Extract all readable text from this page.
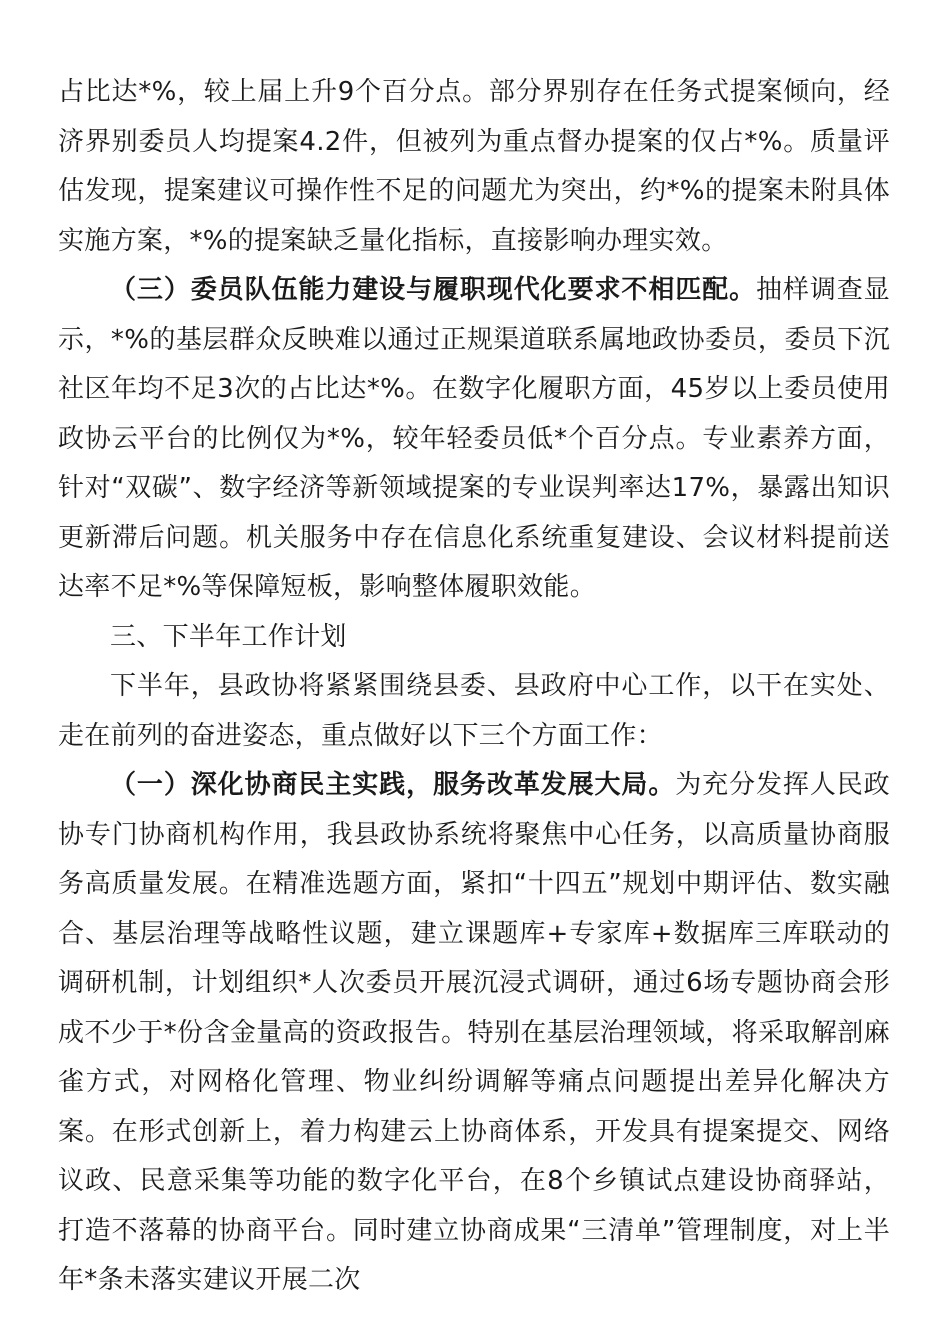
占比达*%，较上届上升9个百分点。部分界别存在任务式提案倾向，经济界别委员人均提案4.2件，但被列为重点督办提案的仅占*%。质量评估发现，提案建议可操作性不足的问题尤为突出，约*%的提案未附具体实施方案，*%的提案缺乏量化指标，直接影响办理实效。

（三）委员队伍能力建设与履职现代化要求不相匹配。抽样调查显示，*%的基层群众反映难以通过正规渠道联系属地政协委员，委员下沉社区年均不足3次的占比达*%。在数字化履职方面，45岁以上委员使用政协云平台的比例仅为*%，较年轻委员低*个百分点。专业素养方面，针对“双碳”、数字经济等新领域提案的专业误判率达17%，暴露出知识更新滞后问题。机关服务中存在信息化系统重复建设、会议材料提前送达率不足*%等保障短板，影响整体履职效能。

三、下半年工作计划

下半年，县政协将紧紧围绕县委、县政府中心工作，以干在实处、走在前列的奋进姿态，重点做好以下三个方面工作：

（一）深化协商民主实践，服务改革发展大局。为充分发挥人民政协专门协商机构作用，我县政协系统将聚焦中心任务，以高质量协商服务高质量发展。在精准选题方面，紧扣“十四五”规划中期评估、数实融合、基层治理等战略性议题，建立课题库+专家库+数据库三库联动的调研机制，计划组织*人次委员开展沉浸式调研，通过6场专题协商会形成不少于*份含金量高的资政报告。特别在基层治理领域，将采取解剖麻雀方式，对网格化管理、物业纠纷调解等痛点问题提出差异化解决方案。在形式创新上，着力构建云上协商体系，开发具有提案提交、网络议政、民意采集等功能的数字化平台，在8个乡镇试点建设协商驿站，打造不落幕的协商平台。同时建立协商成果“三清单”管理制度，对上半年*条未落实建议开展二次
